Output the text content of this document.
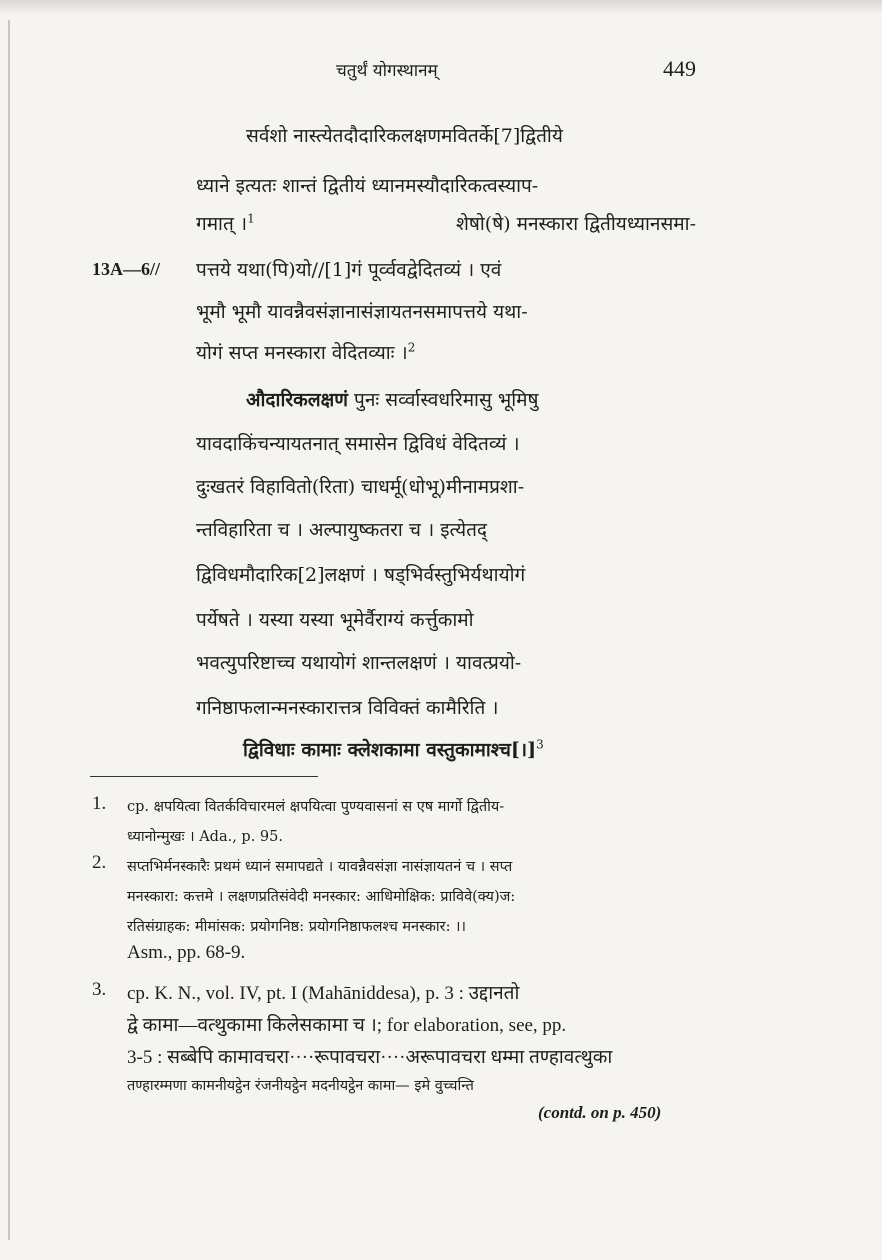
चतुर्थं योगस्थानम्	449
13A—6//
सर्वशो नास्त्येतदौदारिकलक्षणमवितर्के[7]द्वितीये
ध्याने इत्यतः शान्तं द्वितीयं ध्यानमस्यौदारिकत्वस्याप-
गमात् ।$^1$	शेषो(षे) मनस्कारा द्वितीयध्यानसमा-
पत्तये यथा(पि)यो//[1]गं पूर्व्ववद्वेदितव्यं । एवं
भूमौ भूमौ यावन्नैवसंज्ञानासंज्ञायतनसमापत्तये यथा-
योगं सप्त मनस्कारा वेदितव्याः ।$^2$
औदारिकलक्षणं पुनः सर्व्वास्वधरिमासु भूमिषु
यावदाकिंचन्यायतनात् समासेन द्विविधं वेदितव्यं ।
दुःखतरं विहावितो(रिता) चाधर्मू(धोभू)मीनामप्रशा-
न्तविहारिता च । अल्पायुष्कतरा च । इत्येतद्
द्विविधमौदारिक[2]लक्षणं । षड्भिर्वस्तुभिर्यथायोगं
पर्येषते । यस्या यस्या भूमेर्वैराग्यं कर्त्तुकामो
भवत्युपरिष्टाच्च यथायोगं शान्तलक्षणं । यावत्प्रयो-
गनिष्ठाफलान्मनस्कारात्तत्र विविक्तं कामैरिति ।
द्विविधाः कामाः क्लेशकामा वस्तुकामाश्च[।]$^3$
1. cp. क्षपयित्वा वितर्कविचारमलं क्षपयित्वा पुण्यवासनां स एष मार्गो द्वितीय-
ध्यानोन्मुखः । Ada., p. 95.
2. सप्तभिर्मनस्कारैः प्रथमं ध्यानं समापद्यते । यावन्नैवसंज्ञा नासंज्ञायतनं च । सप्त
मनस्कारा: कत्तमे । लक्षणप्रतिसंवेदी मनस्कार: आधिमोक्षिक: प्राविवे(क्य)ज:
रतिसंग्राहक: मीमांसक: प्रयोगनिष्ठ: प्रयोगनिष्ठाफलश्च मनस्कार: ।।
Asm., pp. 68-9.
3. cp. K. N., vol. IV, pt. I (Mahāniddesa), p. 3 : उद्दानतो
द्वे कामा—वत्थुकामा किलेसकामा च ।; for elaboration, see, pp.
3-5 : सब्बेपि कामावचरा····रूपावचरा····अरूपावचरा धम्मा तण्हावत्थुका
तण्हारम्मणा कामनीयट्ठेन रंजनीयट्ठेन मदनीयट्ठेन कामा— इमे वुच्चन्ति
(contd. on p. 450)
